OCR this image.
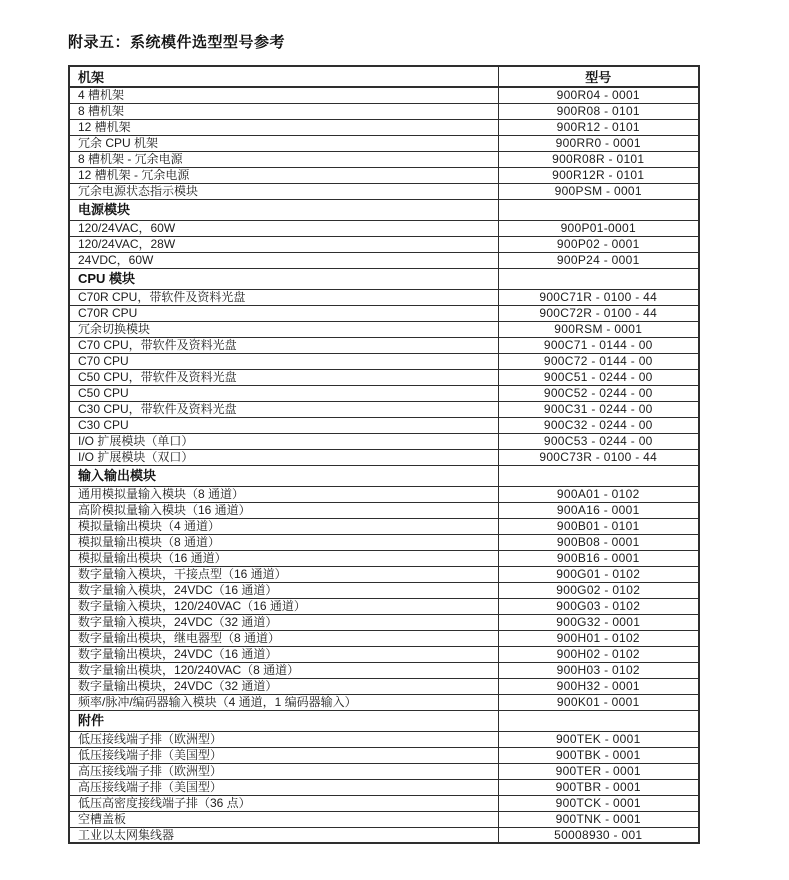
附录五：系统模件选型型号参考
机架	型号
4 槽机架	900R04 - 0001
8 槽机架	900R08 - 0101
12 槽机架	900R12 - 0101
冗余 CPU 机架	900RR0 - 0001
8 槽机架 - 冗余电源	900R08R - 0101
12 槽机架 - 冗余电源	900R12R - 0101
冗余电源状态指示模块	900PSM - 0001
电源模块	
120/24VAC，60W	900P01-0001
120/24VAC，28W	900P02 - 0001
24VDC，60W	900P24 - 0001
CPU 模块	
C70R CPU，带软件及资料光盘	900C71R - 0100 - 44
C70R CPU	900C72R - 0100 - 44
冗余切换模块	900RSM - 0001
C70 CPU，带软件及资料光盘	900C71 - 0144 - 00
C70 CPU	900C72 - 0144 - 00
C50 CPU，带软件及资料光盘	900C51 - 0244 - 00
C50 CPU	900C52 - 0244 - 00
C30 CPU，带软件及资料光盘	900C31 - 0244 - 00
C30 CPU	900C32 - 0244 - 00
I/O 扩展模块（单口）	900C53 - 0244 - 00
I/O 扩展模块（双口）	900C73R - 0100 - 44
输入输出模块	
通用模拟量输入模块（8 通道）	900A01 - 0102
高阶模拟量输入模块（16 通道）	900A16 - 0001
模拟量输出模块（4 通道）	900B01 - 0101
模拟量输出模块（8 通道）	900B08 - 0001
模拟量输出模块（16 通道）	900B16 - 0001
数字量输入模块，干接点型（16 通道）	900G01 - 0102
数字量输入模块，24VDC（16 通道）	900G02 - 0102
数字量输入模块，120/240VAC（16 通道）	900G03 - 0102
数字量输入模块，24VDC（32 通道）	900G32 - 0001
数字量输出模块，继电器型（8 通道）	900H01 - 0102
数字量输出模块，24VDC（16 通道）	900H02 - 0102
数字量输出模块，120/240VAC（8 通道）	900H03 - 0102
数字量输出模块，24VDC（32 通道）	900H32 - 0001
频率/脉冲/编码器输入模块（4 通道，1 编码器输入）	900K01 - 0001
附件	
低压接线端子排（欧洲型）	900TEK - 0001
低压接线端子排（美国型）	900TBK - 0001
高压接线端子排（欧洲型）	900TER - 0001
高压接线端子排（美国型）	900TBR - 0001
低压高密度接线端子排（36 点）	900TCK - 0001
空槽盖板	900TNK - 0001
工业以太网集线器	50008930 - 001
